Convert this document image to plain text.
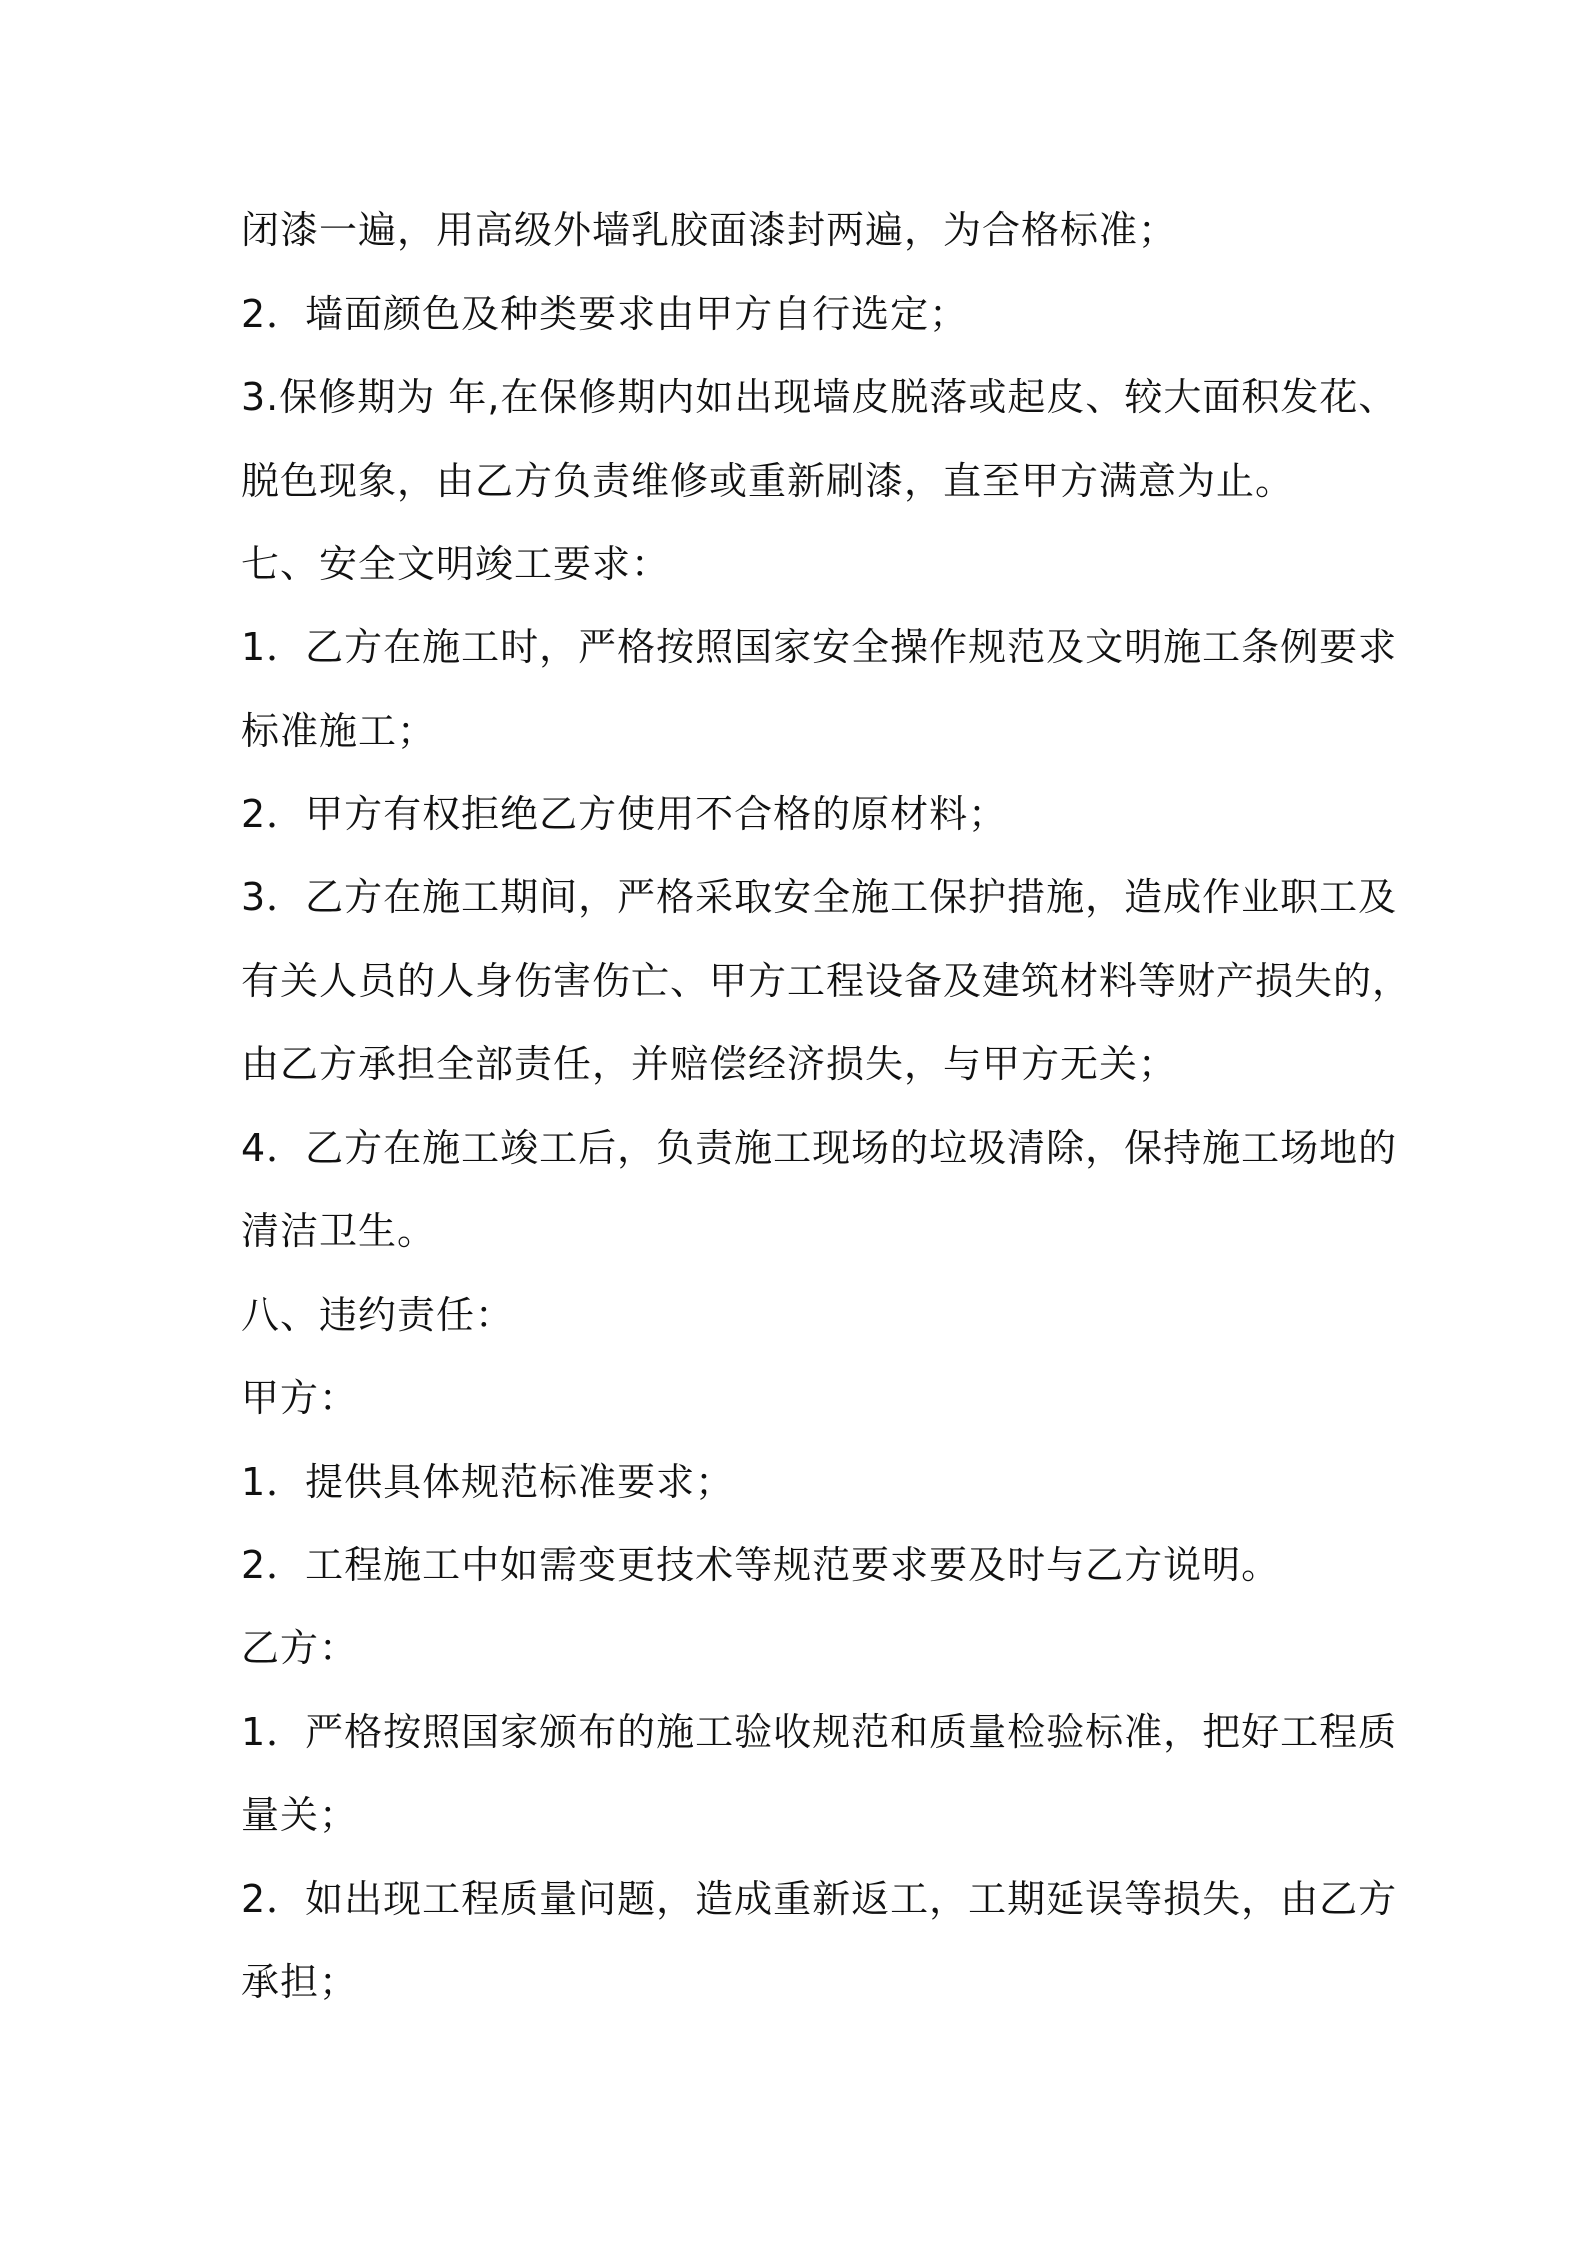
闭漆一遍，用高级外墙乳胶面漆封两遍，为合格标准；
2．墙面颜色及种类要求由甲方自行选定；
3.保修期为 年,在保修期内如出现墙皮脱落或起皮、较大面积发花、
脱色现象，由乙方负责维修或重新刷漆，直至甲方满意为止。
七、安全文明竣工要求：
1．乙方在施工时，严格按照国家安全操作规范及文明施工条例要求
标准施工；
2．甲方有权拒绝乙方使用不合格的原材料；
3．乙方在施工期间，严格采取安全施工保护措施，造成作业职工及
有关人员的人身伤害伤亡、甲方工程设备及建筑材料等财产损失的，
由乙方承担全部责任，并赔偿经济损失，与甲方无关；
4．乙方在施工竣工后，负责施工现场的垃圾清除，保持施工场地的
清洁卫生。
八、违约责任：
甲方：
1．提供具体规范标准要求；
2．工程施工中如需变更技术等规范要求要及时与乙方说明。
乙方：
1．严格按照国家颁布的施工验收规范和质量检验标准，把好工程质
量关；
2．如出现工程质量问题，造成重新返工，工期延误等损失，由乙方
承担；
